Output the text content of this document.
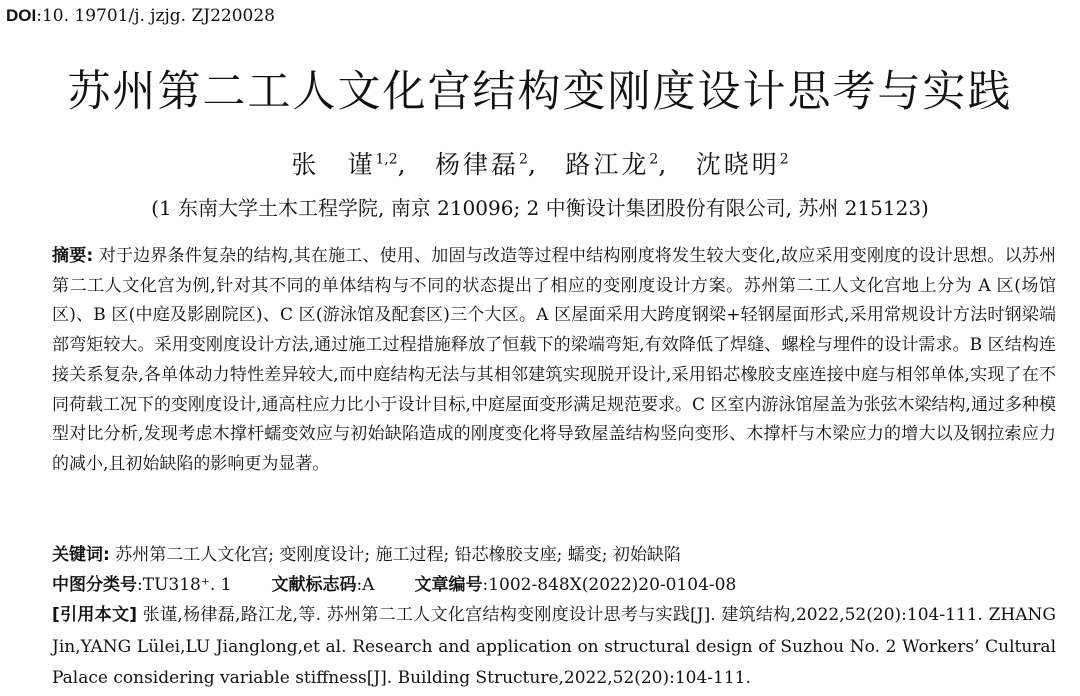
DOI:10. 19701/j. jzjg. ZJ220028
苏州第二工人文化宫结构变刚度设计思考与实践
张　谨$^{1,2}$,  杨律磊$^2$,  路江龙$^2$,  沈晓明$^2$
(1 东南大学土木工程学院, 南京 210096; 2 中衡设计集团股份有限公司, 苏州 215123)
摘要: 对于边界条件复杂的结构,其在施工、使用、加固与改造等过程中结构刚度将发生较大变化,故应采用变刚度的设计思想。以苏州第二工人文化宫为例,针对其不同的单体结构与不同的状态提出了相应的变刚度设计方案。苏州第二工人文化宫地上分为 A 区(场馆区)、B 区(中庭及影剧院区)、C 区(游泳馆及配套区)三个大区。A 区屋面采用大跨度钢梁+轻钢屋面形式,采用常规设计方法时钢梁端部弯矩较大。采用变刚度设计方法,通过施工过程措施释放了恒载下的梁端弯矩,有效降低了焊缝、螺栓与埋件的设计需求。B 区结构连接关系复杂,各单体动力特性差异较大,而中庭结构无法与其相邻建筑实现脱开设计,采用铅芯橡胶支座连接中庭与相邻单体,实现了在不同荷载工况下的变刚度设计,通高柱应力比小于设计目标,中庭屋面变形满足规范要求。C 区室内游泳馆屋盖为张弦木梁结构,通过多种模型对比分析,发现考虑木撑杆蠕变效应与初始缺陷造成的刚度变化将导致屋盖结构竖向变形、木撑杆与木梁应力的增大以及钢拉索应力的减小,且初始缺陷的影响更为显著。
关键词: 苏州第二工人文化宫; 变刚度设计; 施工过程; 铅芯橡胶支座; 蠕变; 初始缺陷
中图分类号:TU318⁺. 1 文献标志码:A 文章编号:1002-848X(2022)20-0104-08
[引用本文] 张谨,杨律磊,路江龙,等. 苏州第二工人文化宫结构变刚度设计思考与实践[J]. 建筑结构,2022,52(20):104-111. ZHANG Jin,YANG Lülei,LU Jianglong,et al. Research and application on structural design of Suzhou No. 2 Workers’ Cultural Palace considering variable stiffness[J]. Building Structure,2022,52(20):104-111.
